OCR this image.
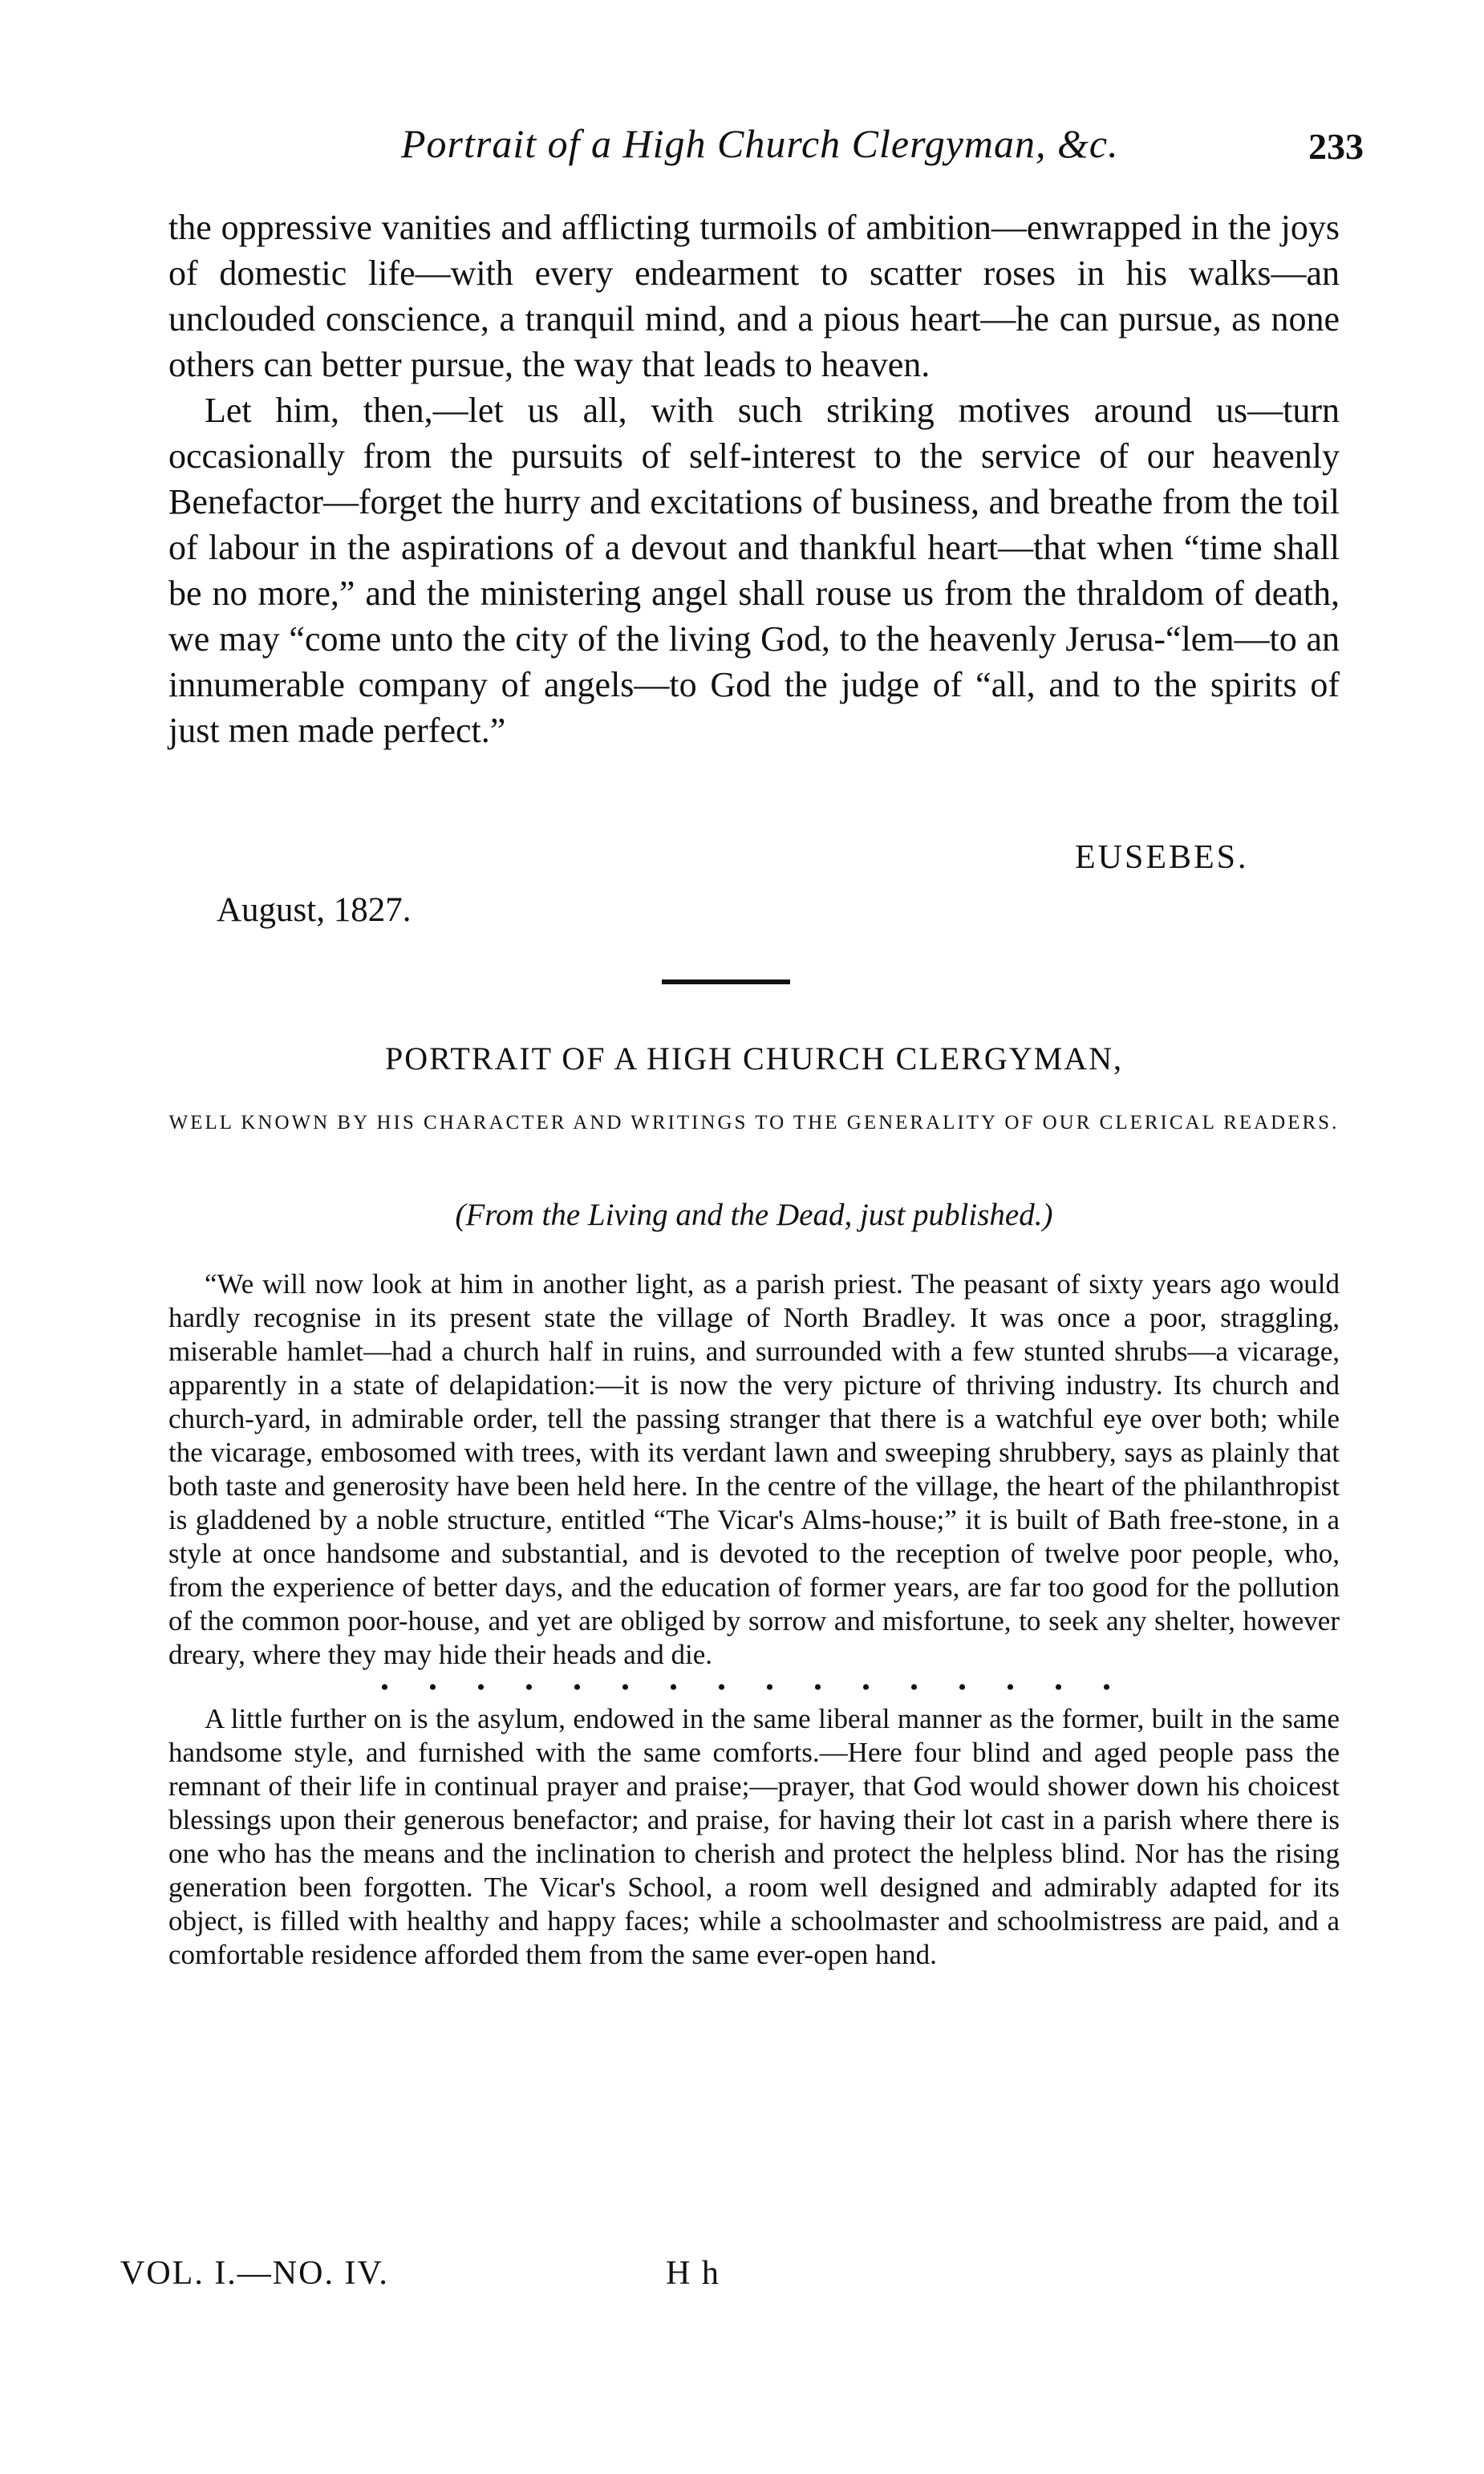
Portrait of a High Church Clergyman, &c.	233

the oppressive vanities and afflicting turmoils of ambition—enwrapped in the joys of domestic life—with every endearment to scatter roses in his walks—an unclouded conscience, a tranquil mind, and a pious heart—he can pursue, as none others can better pursue, the way that leads to heaven.

Let him, then,—let us all, with such striking motives around us—turn occasionally from the pursuits of self-interest to the service of our heavenly Benefactor—forget the hurry and excitations of business, and breathe from the toil of labour in the aspirations of a devout and thankful heart—that when “time shall be no more,” and the ministering angel shall rouse us from the thraldom of death, we may “come unto the city of the living God, to the heavenly Jerusa-“lem—to an innumerable company of angels—to God the judge of “all, and to the spirits of just men made perfect.”

EUSEBES.
August, 1827.
PORTRAIT OF A HIGH CHURCH CLERGYMAN,
WELL KNOWN BY HIS CHARACTER AND WRITINGS TO THE GENERALITY OF OUR CLERICAL READERS.
(From the Living and the Dead, just published.)

“We will now look at him in another light, as a parish priest. The peasant of sixty years ago would hardly recognise in its present state the village of North Bradley. It was once a poor, straggling, miserable hamlet—had a church half in ruins, and surrounded with a few stunted shrubs—a vicarage, apparently in a state of delapidation:—it is now the very picture of thriving industry. Its church and church-yard, in admirable order, tell the passing stranger that there is a watchful eye over both; while the vicarage, embosomed with trees, with its verdant lawn and sweeping shrubbery, says as plainly that both taste and generosity have been held here. In the centre of the village, the heart of the philanthropist is gladdened by a noble structure, entitled “The Vicar's Alms-house;” it is built of Bath free-stone, in a style at once handsome and substantial, and is devoted to the reception of twelve poor people, who, from the experience of better days, and the education of former years, are far too good for the pollution of the common poor-house, and yet are obliged by sorrow and misfortune, to seek any shelter, however dreary, where they may hide their heads and die.

• • • • • • • • • • • • • • • •

A little further on is the asylum, endowed in the same liberal manner as the former, built in the same handsome style, and furnished with the same comforts.—Here four blind and aged people pass the remnant of their life in continual prayer and praise;—prayer, that God would shower down his choicest blessings upon their generous benefactor; and praise, for having their lot cast in a parish where there is one who has the means and the inclination to cherish and protect the helpless blind. Nor has the rising generation been forgotten. The Vicar's School, a room well designed and admirably adapted for its object, is filled with healthy and happy faces; while a schoolmaster and schoolmistress are paid, and a comfortable residence afforded them from the same ever-open hand.

VOL. I.—NO. IV.	H h
